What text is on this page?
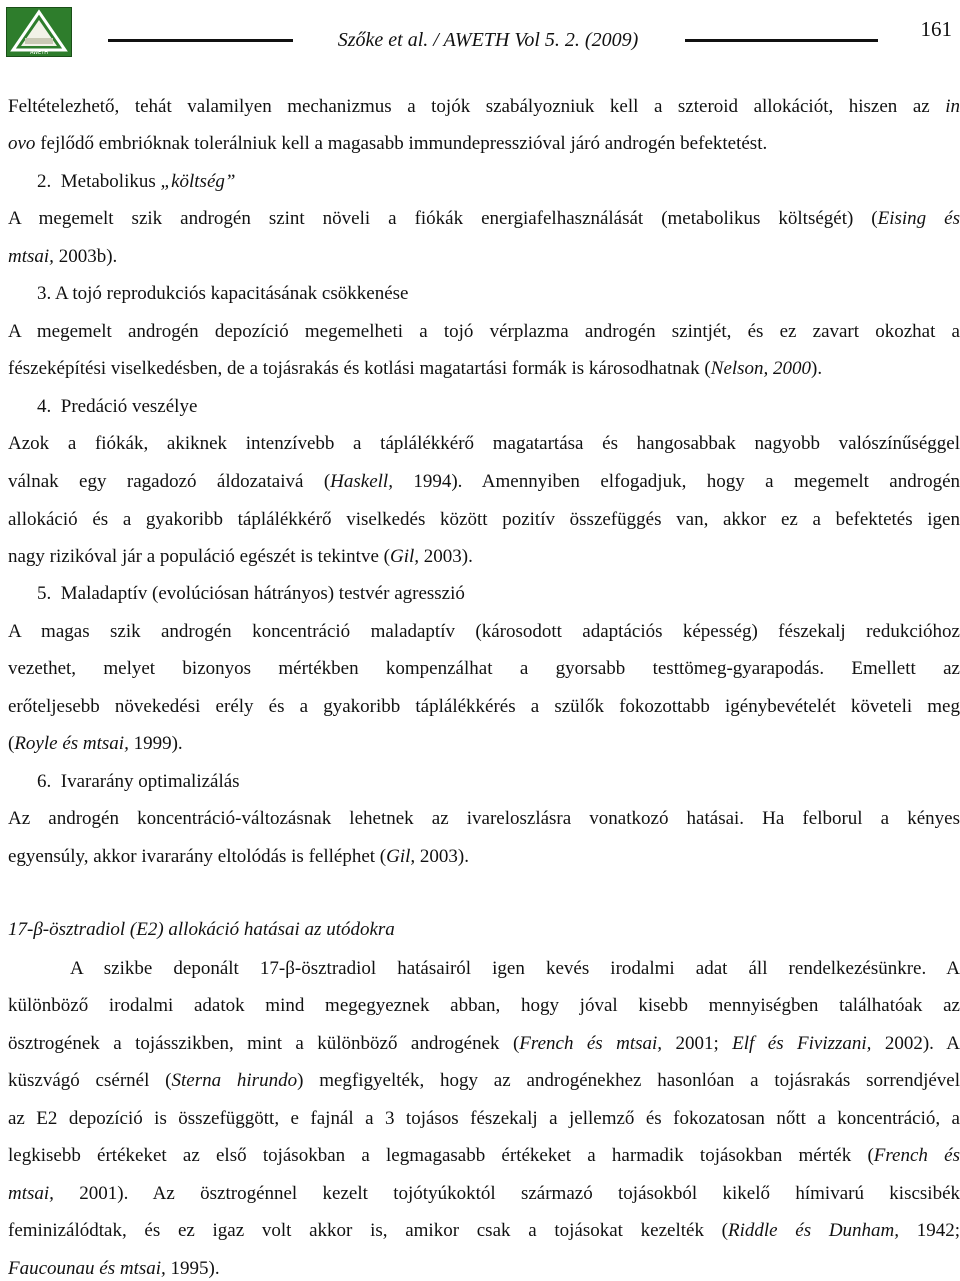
AWETH
Szőke et al. / AWETH Vol 5. 2. (2009)	161
Feltételezhető, tehát valamilyen mechanizmus a tojók szabályozniuk kell a szteroid allokációt, hiszen az in
ovo fejlődő embrióknak tolerálniuk kell a magasabb immundepresszióval járó androgén befektetést.
2. Metabolikus „költség”
A megemelt szik androgén szint növeli a fiókák energiafelhasználását (metabolikus költségét) (Eising és
mtsai, 2003b).
3. A tojó reprodukciós kapacitásának csökkenése
A megemelt androgén depozíció megemelheti a tojó vérplazma androgén szintjét, és ez zavart okozhat a
fészeképítési viselkedésben, de a tojásrakás és kotlási magatartási formák is károsodhatnak (Nelson, 2000).
4. Predáció veszélye
Azok a fiókák, akiknek intenzívebb a táplálékkérő magatartása és hangosabbak nagyobb valószínűséggel
válnak egy ragadozó áldozataivá (Haskell, 1994). Amennyiben elfogadjuk, hogy a megemelt androgén
allokáció és a gyakoribb táplálékkérő viselkedés között pozitív összefüggés van, akkor ez a befektetés igen
nagy rizikóval jár a populáció egészét is tekintve (Gil, 2003).
5. Maladaptív (evolúciósan hátrányos) testvér agresszió
A magas szik androgén koncentráció maladaptív (károsodott adaptációs képesség) fészekalj redukcióhoz
vezethet, melyet bizonyos mértékben kompenzálhat a gyorsabb testtömeg-gyarapodás. Emellett az
erőteljesebb növekedési erély és a gyakoribb táplálékkérés a szülők fokozottabb igénybevételét követeli meg
(Royle és mtsai, 1999).
6. Ivararány optimalizálás
Az androgén koncentráció-változásnak lehetnek az ivareloszlásra vonatkozó hatásai. Ha felborul a kényes
egyensúly, akkor ivararány eltolódás is felléphet (Gil, 2003).
17-β-ösztradiol (E2) allokáció hatásai az utódokra
A szikbe deponált 17-β-ösztradiol hatásairól igen kevés irodalmi adat áll rendelkezésünkre. A
különböző irodalmi adatok mind megegyeznek abban, hogy jóval kisebb mennyiségben találhatóak az
ösztrogének a tojásszikben, mint a különböző androgének (French és mtsai, 2001; Elf és Fivizzani, 2002). A
küszvágó csérnél (Sterna hirundo) megfigyelték, hogy az androgénekhez hasonlóan a tojásrakás sorrendjével
az E2 depozíció is összefüggött, e fajnál a 3 tojásos fészekalj a jellemző és fokozatosan nőtt a koncentráció, a
legkisebb értékeket az első tojásokban a legmagasabb értékeket a harmadik tojásokban mérték (French és
mtsai, 2001). Az ösztrogénnel kezelt tojótyúkoktól származó tojásokból kikelő hímivarú kiscsibék
feminizálódtak, és ez igaz volt akkor is, amikor csak a tojásokat kezelték (Riddle és Dunham, 1942;
Faucounau és mtsai, 1995).
